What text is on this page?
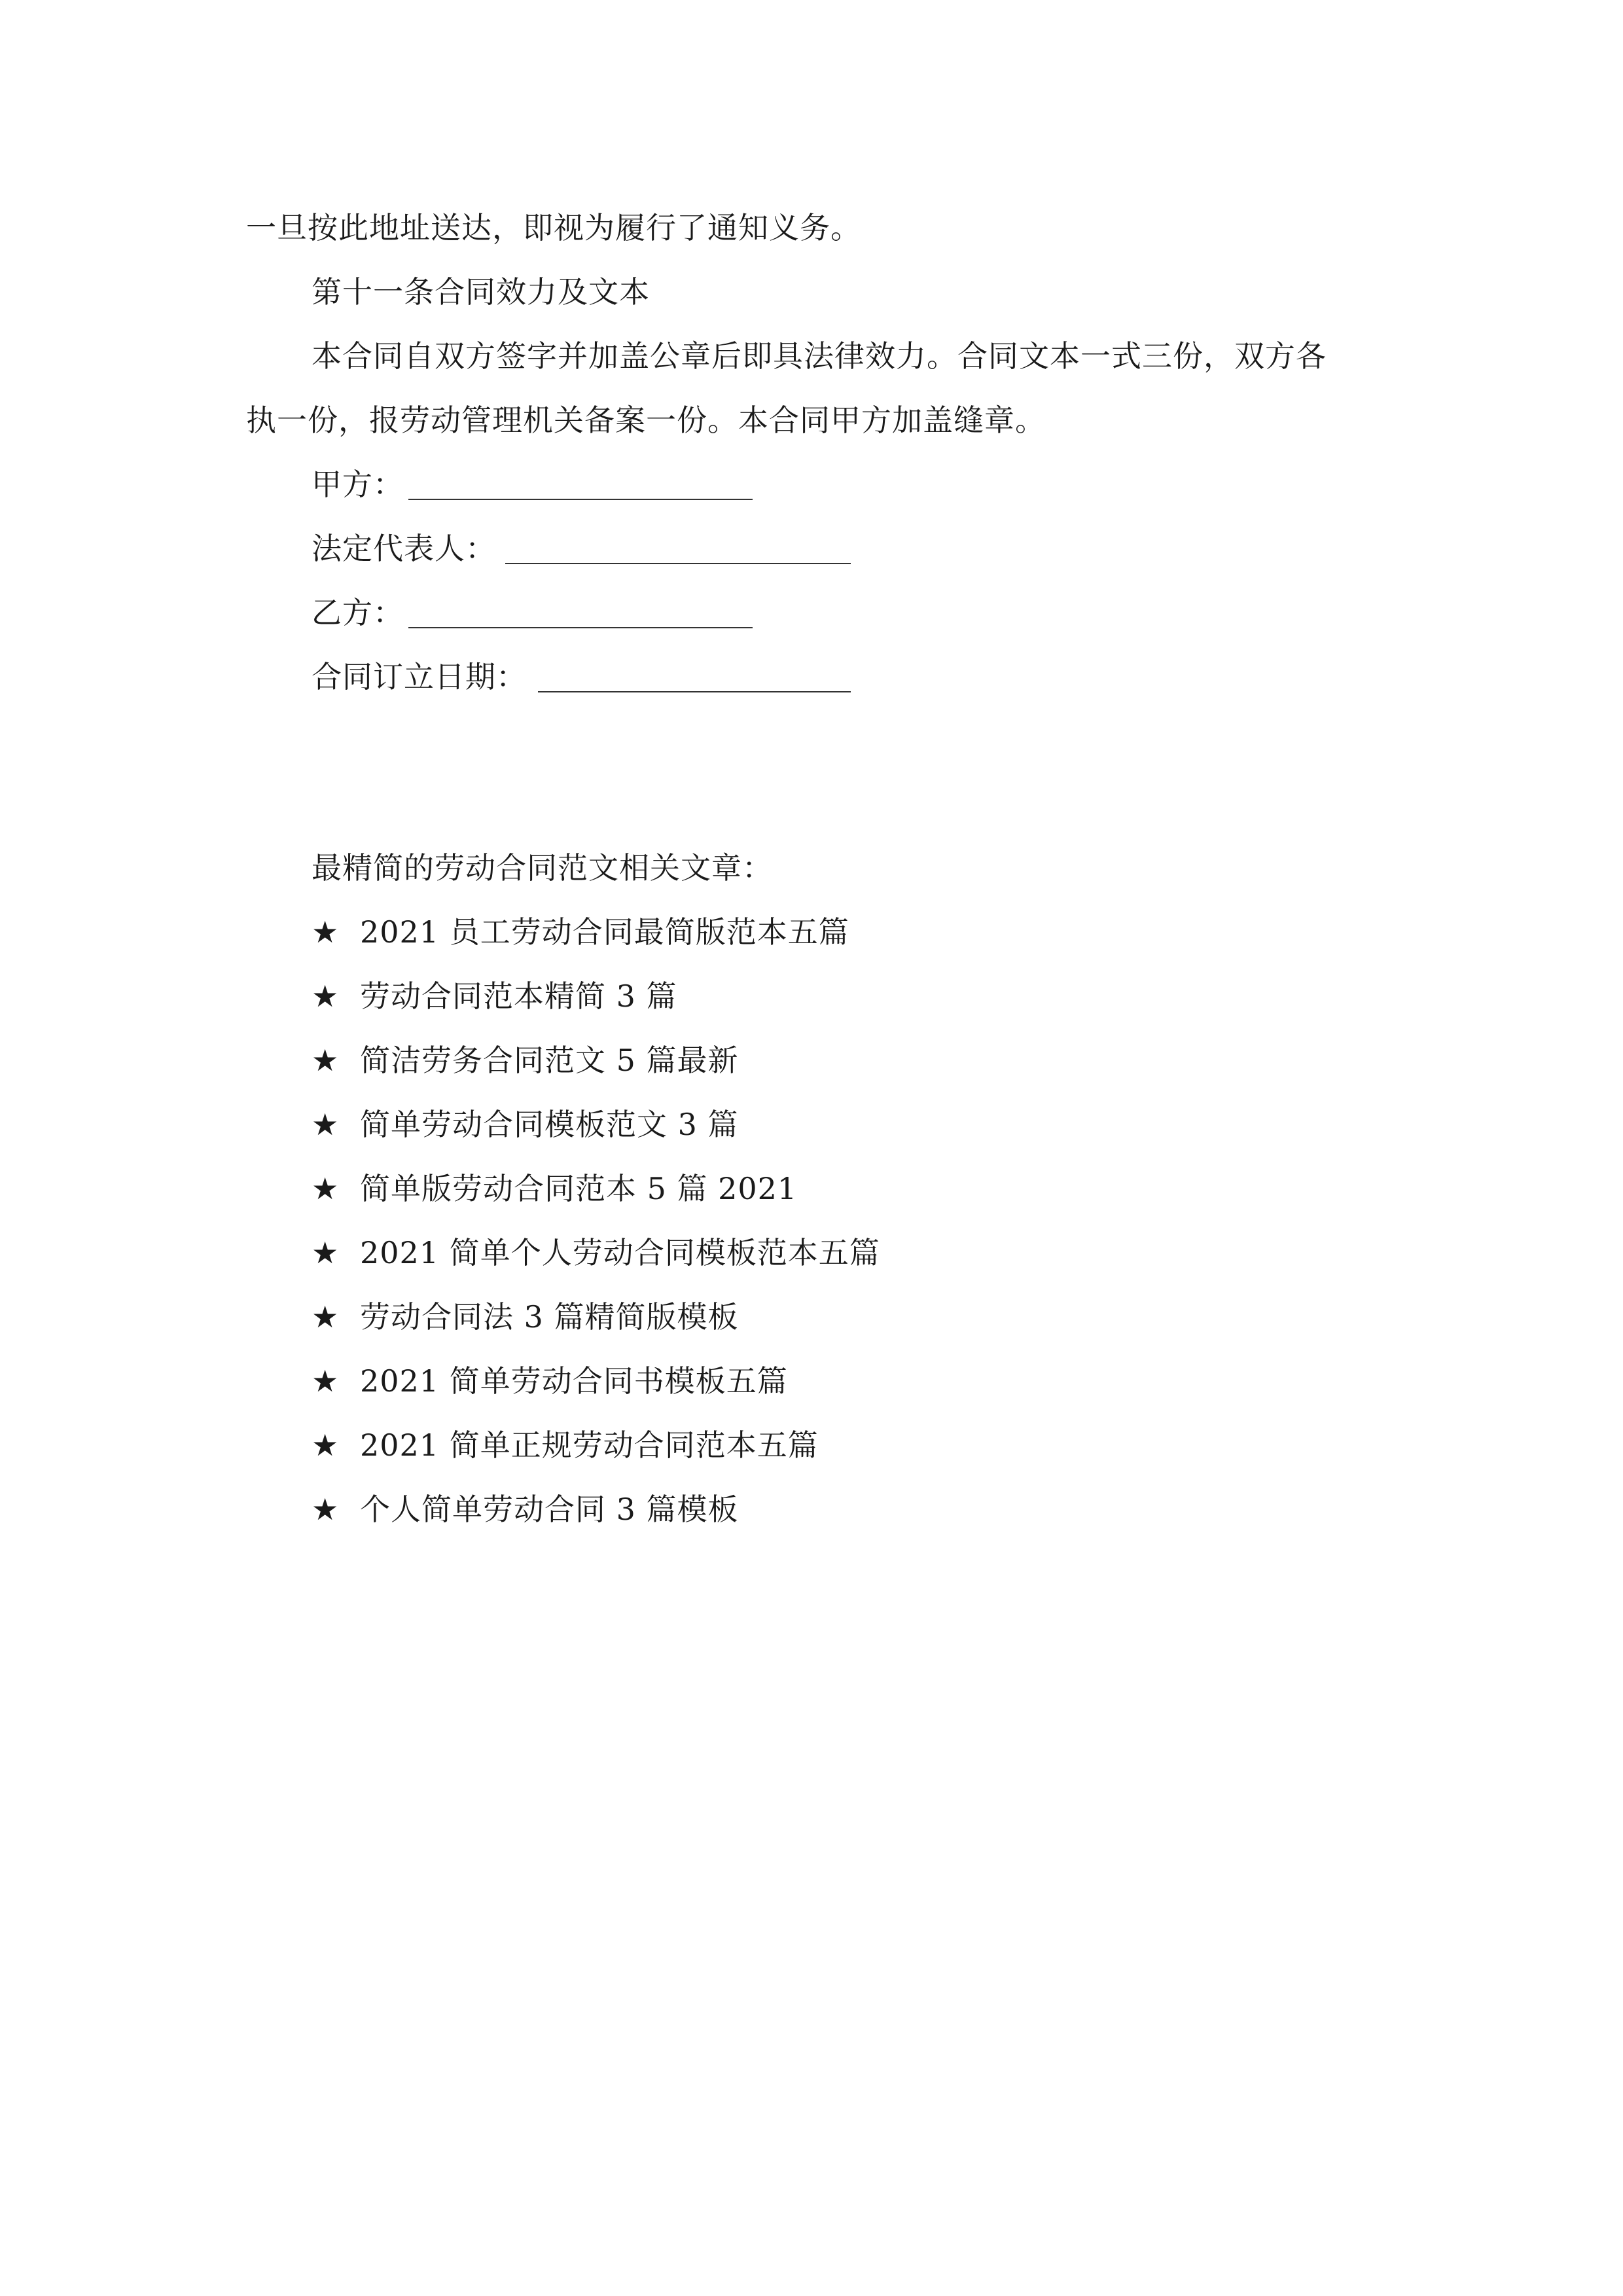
一旦按此地址送达，即视为履行了通知义务。
第十一条合同效力及文本
本合同自双方签字并加盖公章后即具法律效力。合同文本一式三份，双方各
执一份，报劳动管理机关备案一份。本合同甲方加盖缝章。
甲方：
法定代表人：
乙方：
合同订立日期：
最精简的劳动合同范文相关文章：
★ 2021 员工劳动合同最简版范本五篇
★ 劳动合同范本精简 3 篇
★ 简洁劳务合同范文 5 篇最新
★ 简单劳动合同模板范文 3 篇
★ 简单版劳动合同范本 5 篇 2021
★ 2021 简单个人劳动合同模板范本五篇
★ 劳动合同法 3 篇精简版模板
★ 2021 简单劳动合同书模板五篇
★ 2021 简单正规劳动合同范本五篇
★ 个人简单劳动合同 3 篇模板
